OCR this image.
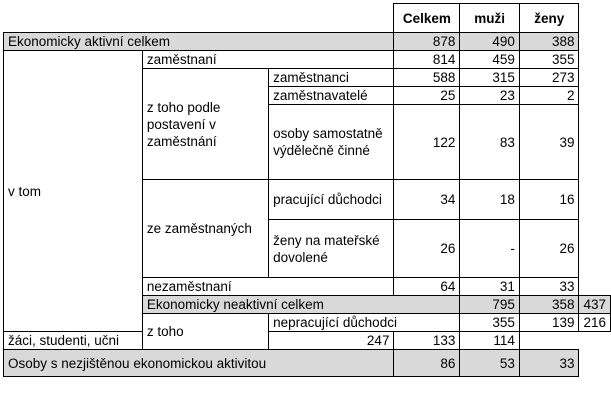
			Celkem	muži	ženy	
Ekonomicky aktivní celkem			878	490	388	
v tom	zaměstnaní		814	459	355	
	z toho podle postavení v zaměstnání	zaměstnanci	588	315	273	
		zaměstnavatelé	25	23	2	
		osoby samostatně výdělečně činné	122	83	39	
	ze zaměstnaných	pracující důchodci	34	18	16	
		ženy na mateřské dovolené	26	-	26	
	nezaměstnaní		64	31	33	
	Ekonomicky neaktivní celkem			795	358	437
	z toho	nepracující důchodci		355	139	216
žáci, studenti, učni		247	133	114		
Osoby s nezjištěnou ekonomickou aktivitou			86	53	33	
